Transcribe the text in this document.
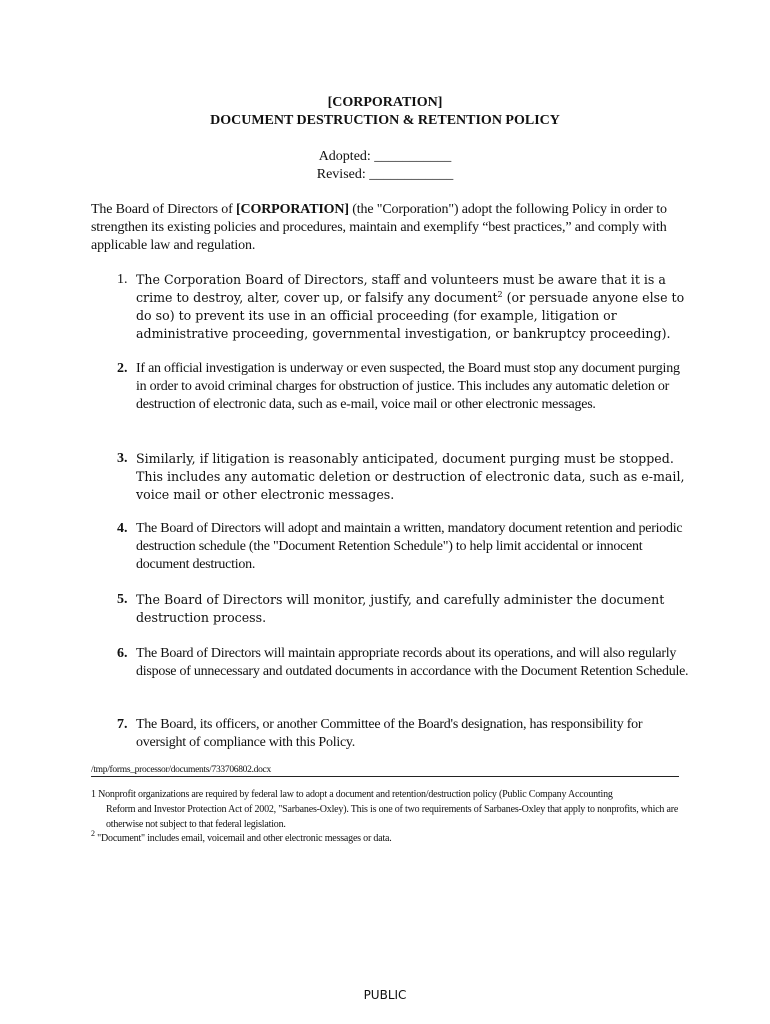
[CORPORATION]
DOCUMENT DESTRUCTION & RETENTION POLICY
Adopted: ___________
Revised: ____________
The Board of Directors of [CORPORATION] (the "Corporation") adopt the following Policy in order to strengthen its existing policies and procedures, maintain and exemplify “best practices,” and comply with applicable law and regulation.
1. The Corporation Board of Directors, staff and volunteers must be aware that it is a crime to destroy, alter, cover up, or falsify any document$^2$ (or persuade anyone else to do so) to prevent its use in an official proceeding (for example, litigation or administrative proceeding, governmental investigation, or bankruptcy proceeding).
2. If an official investigation is underway or even suspected, the Board must stop any document purging in order to avoid criminal charges for obstruction of justice. This includes any automatic deletion or destruction of electronic data, such as e-mail, voice mail or other electronic messages.
3. Similarly, if litigation is reasonably anticipated, document purging must be stopped. This includes any automatic deletion or destruction of electronic data, such as e-mail, voice mail or other electronic messages.
4. The Board of Directors will adopt and maintain a written, mandatory document retention and periodic destruction schedule (the "Document Retention Schedule") to help limit accidental or innocent document destruction.
5. The Board of Directors will monitor, justify, and carefully administer the document destruction process.
6. The Board of Directors will maintain appropriate records about its operations, and will also regularly dispose of unnecessary and outdated documents in accordance with the Document Retention Schedule.
7. The Board, its officers, or another Committee of the Board's designation, has responsibility for oversight of compliance with this Policy.
/tmp/forms_processor/documents/733706802.docx
1 Nonprofit organizations are required by federal law to adopt a document and retention/destruction policy (Public Company Accounting
Reform and Investor Protection Act of 2002, "Sarbanes-Oxley). This is one of two requirements of Sarbanes-Oxley that apply to nonprofits, which are otherwise not subject to that federal legislation.
$^2$ "Document" includes email, voicemail and other electronic messages or data.
PUBLIC
